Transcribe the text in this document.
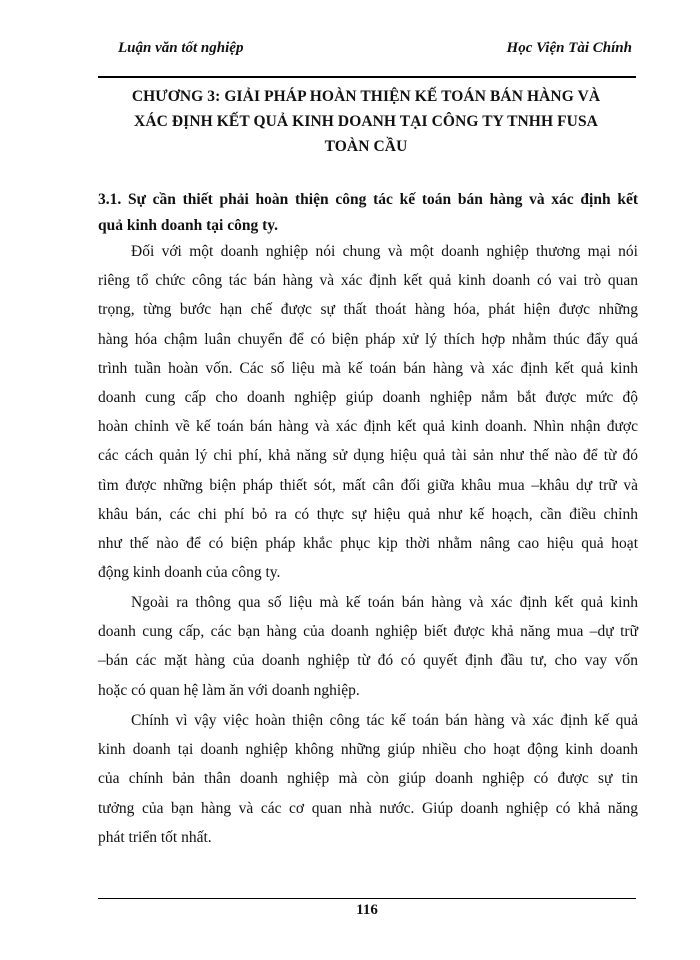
Luận văn tốt nghiệp	Học Viện Tài Chính
CHƯƠNG 3: GIẢI PHÁP HOÀN THIỆN KẾ TOÁN BÁN HÀNG VÀ
XÁC ĐỊNH KẾT QUẢ KINH DOANH TẠI CÔNG TY TNHH FUSA
TOÀN CẦU
3.1. Sự cần thiết phải hoàn thiện công tác kế toán bán hàng và xác định kết
quả kinh doanh tại công ty.
Đối với một doanh nghiệp nói chung và một doanh nghiệp thương mại nói
riêng tổ chức công tác bán hàng và xác định kết quả kinh doanh có vai trò quan
trọng, từng bước hạn chế được sự thất thoát hàng hóa, phát hiện được những
hàng hóa chậm luân chuyển để có biện pháp xử lý thích hợp nhằm thúc đẩy quá
trình tuần hoàn vốn. Các số liệu mà kế toán bán hàng và xác định kết quả kinh
doanh cung cấp cho doanh nghiệp giúp doanh nghiệp nắm bắt được mức độ
hoàn chỉnh về kế toán bán hàng và xác định kết quả kinh doanh. Nhìn nhận được
các cách quản lý chi phí, khả năng sử dụng hiệu quả tài sản như thế nào để từ đó
tìm được những biện pháp thiết sót, mất cân đối giữa khâu mua –khâu dự trữ và
khâu bán, các chi phí bỏ ra có thực sự hiệu quả như kế hoạch, cần điều chỉnh
như thế nào để có biện pháp khắc phục kịp thời nhằm nâng cao hiệu quả hoạt
động kinh doanh của công ty.
Ngoài ra thông qua số liệu mà kế toán bán hàng và xác định kết quả kinh
doanh cung cấp, các bạn hàng của doanh nghiệp biết được khả năng mua –dự trữ
–bán các mặt hàng của doanh nghiệp từ đó có quyết định đầu tư, cho vay vốn
hoặc có quan hệ làm ăn với doanh nghiệp.
Chính vì vậy việc hoàn thiện công tác kế toán bán hàng và xác định kế quả
kinh doanh tại doanh nghiệp không những giúp nhiều cho hoạt động kinh doanh
của chính bản thân doanh nghiệp mà còn giúp doanh nghiệp có được sự tin
tưởng của bạn hàng và các cơ quan nhà nước. Giúp doanh nghiệp có khả năng
phát triển tốt nhất.
116
